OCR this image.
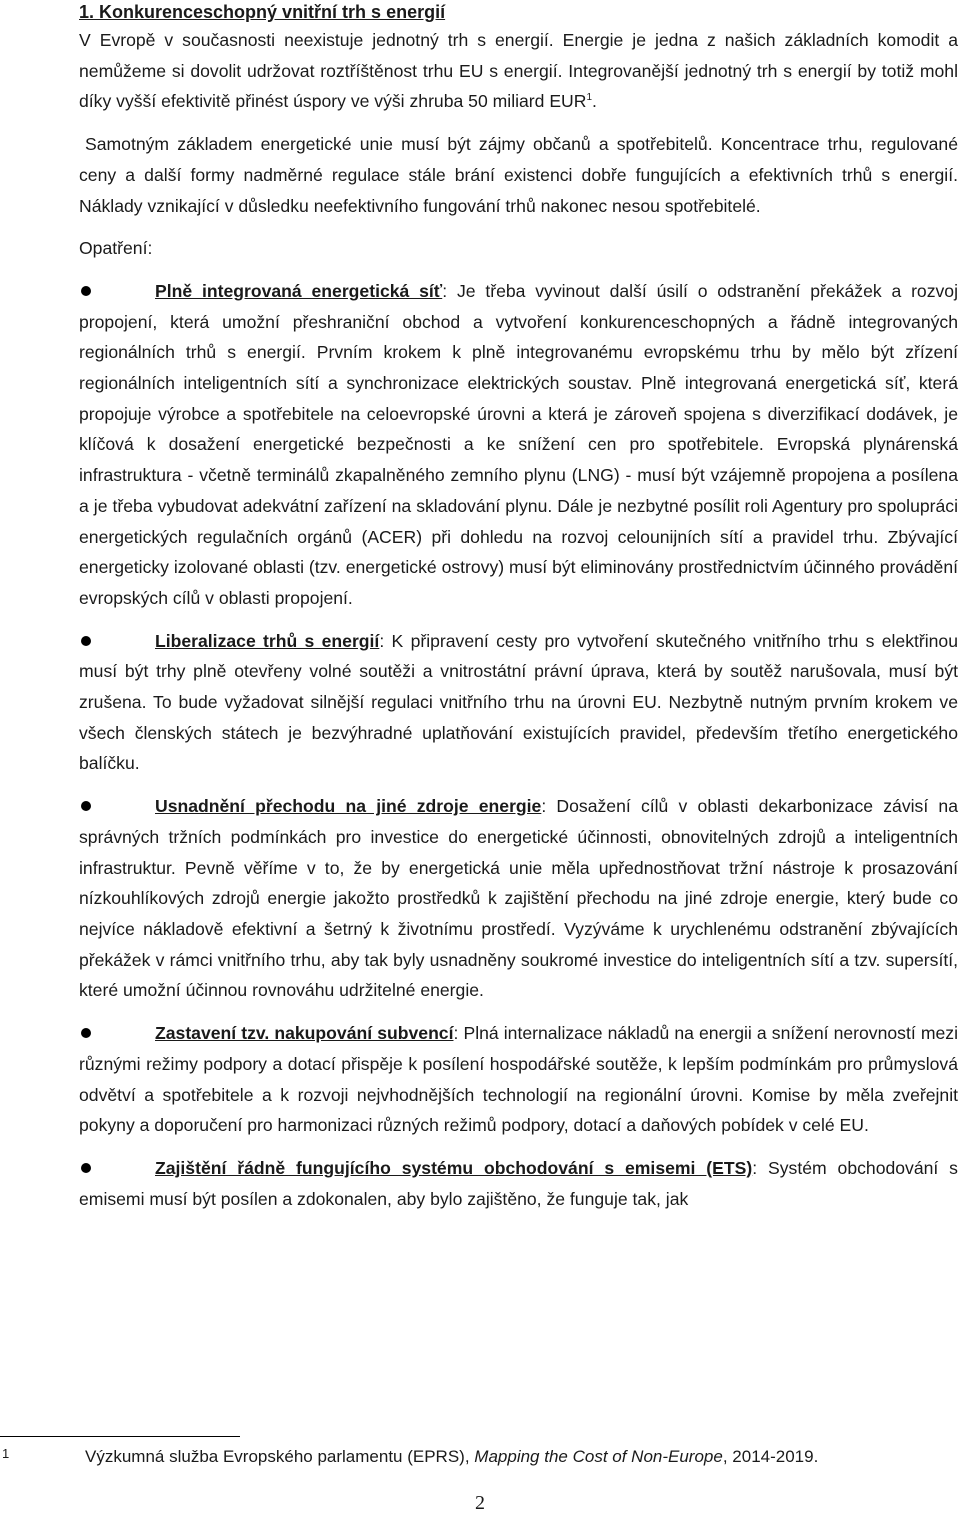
1. Konkurenceschopný vnitřní trh s energií

V Evropě v současnosti neexistuje jednotný trh s energií. Energie je jedna z našich základních komodit a nemůžeme si dovolit udržovat roztříštěnost trhu EU s energií. Integrovanější jednotný trh s energií by totiž mohl díky vyšší efektivitě přinést úspory ve výši zhruba 50 miliard EUR$^1$.

Samotným základem energetické unie musí být zájmy občanů a spotřebitelů. Koncentrace trhu, regulované ceny a další formy nadměrné regulace stále brání existenci dobře fungujících a efektivních trhů s energií. Náklady vznikající v důsledku neefektivního fungování trhů nakonec nesou spotřebitelé.

Opatření:

Plně integrovaná energetická síť: Je třeba vyvinout další úsilí o odstranění překážek a rozvoj propojení, která umožní přeshraniční obchod a vytvoření konkurenceschopných a řádně integrovaných regionálních trhů s energií. Prvním krokem k plně integrovanému evropskému trhu by mělo být zřízení regionálních inteligentních sítí a synchronizace elektrických soustav. Plně integrovaná energetická síť, která propojuje výrobce a spotřebitele na celoevropské úrovni a která je zároveň spojena s diverzifikací dodávek, je klíčová k dosažení energetické bezpečnosti a ke snížení cen pro spotřebitele. Evropská plynárenská infrastruktura - včetně terminálů zkapalněného zemního plynu (LNG) - musí být vzájemně propojena a posílena a je třeba vybudovat adekvátní zařízení na skladování plynu. Dále je nezbytné posílit roli Agentury pro spolupráci energetických regulačních orgánů (ACER) při dohledu na rozvoj celounijních sítí a pravidel trhu. Zbývající energeticky izolované oblasti (tzv. energetické ostrovy) musí být eliminovány prostřednictvím účinného provádění evropských cílů v oblasti propojení.

Liberalizace trhů s energií: K připravení cesty pro vytvoření skutečného vnitřního trhu s elektřinou musí být trhy plně otevřeny volné soutěži a vnitrostátní právní úprava, která by soutěž narušovala, musí být zrušena. To bude vyžadovat silnější regulaci vnitřního trhu na úrovni EU. Nezbytně nutným prvním krokem ve všech členských státech je bezvýhradné uplatňování existujících pravidel, především třetího energetického balíčku.

Usnadnění přechodu na jiné zdroje energie: Dosažení cílů v oblasti dekarbonizace závisí na správných tržních podmínkách pro investice do energetické účinnosti, obnovitelných zdrojů a inteligentních infrastruktur. Pevně věříme v to, že by energetická unie měla upřednostňovat tržní nástroje k prosazování nízkouhlíkových zdrojů energie jakožto prostředků k zajištění přechodu na jiné zdroje energie, který bude co nejvíce nákladově efektivní a šetrný k životnímu prostředí. Vyzýváme k urychlenému odstranění zbývajících překážek v rámci vnitřního trhu, aby tak byly usnadněny soukromé investice do inteligentních sítí a tzv. supersítí, které umožní účinnou rovnováhu udržitelné energie.

Zastavení tzv. nakupování subvencí: Plná internalizace nákladů na energii a snížení nerovností mezi různými režimy podpory a dotací přispěje k posílení hospodářské soutěže, k lepším podmínkám pro průmyslová odvětví a spotřebitele a k rozvoji nejvhodnějších technologií na regionální úrovni. Komise by měla zveřejnit pokyny a doporučení pro harmonizaci různých režimů podpory, dotací a daňových pobídek v celé EU.

Zajištění řádně fungujícího systému obchodování s emisemi (ETS): Systém obchodování s emisemi musí být posílen a zdokonalen, aby bylo zajištěno, že funguje tak, jak

1	Výzkumná služba Evropského parlamentu (EPRS), Mapping the Cost of Non-Europe, 2014-2019.
2
